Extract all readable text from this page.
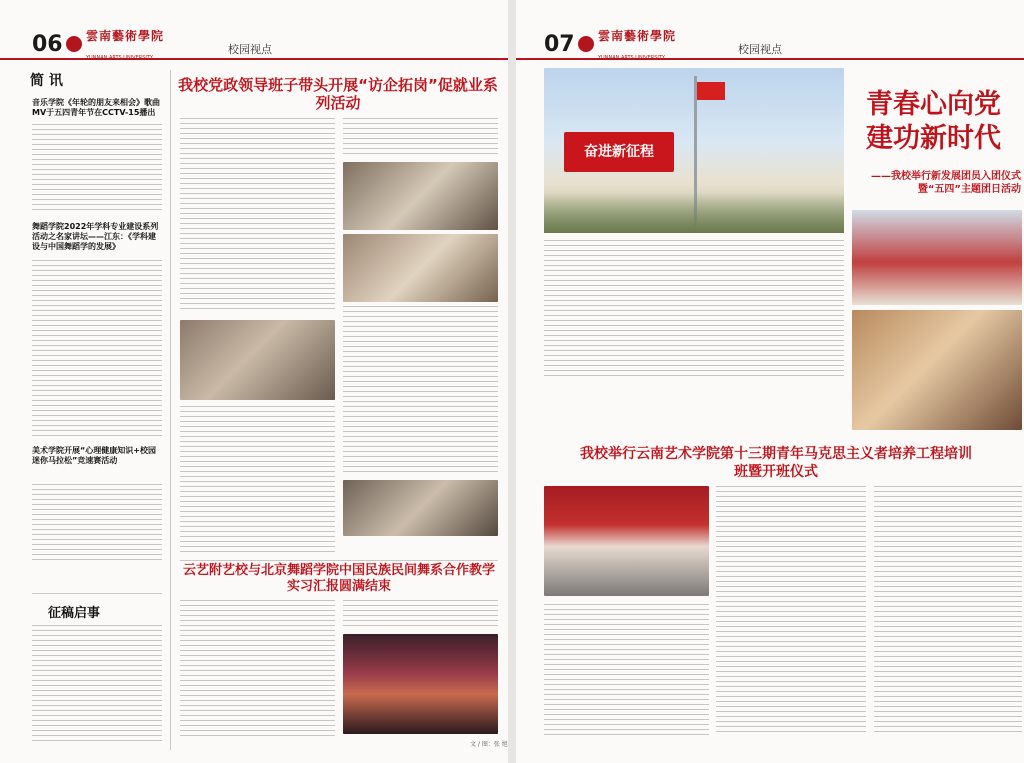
06 雲南藝術學院

校园视点
简 讯
音乐学院《年轮的朋友来相会》歌曲MV于五四青年节在CCTV-15播出
舞蹈学院2022年学科专业建设系列活动之名家讲坛——江东：《学科建设与中国舞蹈学的发展》
美术学院开展“心理健康知识+校园迷你马拉松”竞速赛活动
征稿启事
我校党政领导班子带头开展“访企拓岗”促就业系列活动
云艺附艺校与北京舞蹈学院中国民族民间舞系合作教学实习汇报圆满结束
文 / 图：张 旭
07 雲南藝術學院

校园视点
奋进新征程
青春心向党
建功新时代
——我校举行新发展团员入团仪式
暨“五四”主题团日活动
我校举行云南艺术学院第十三期青年马克思主义者培养工程培训班暨开班仪式
